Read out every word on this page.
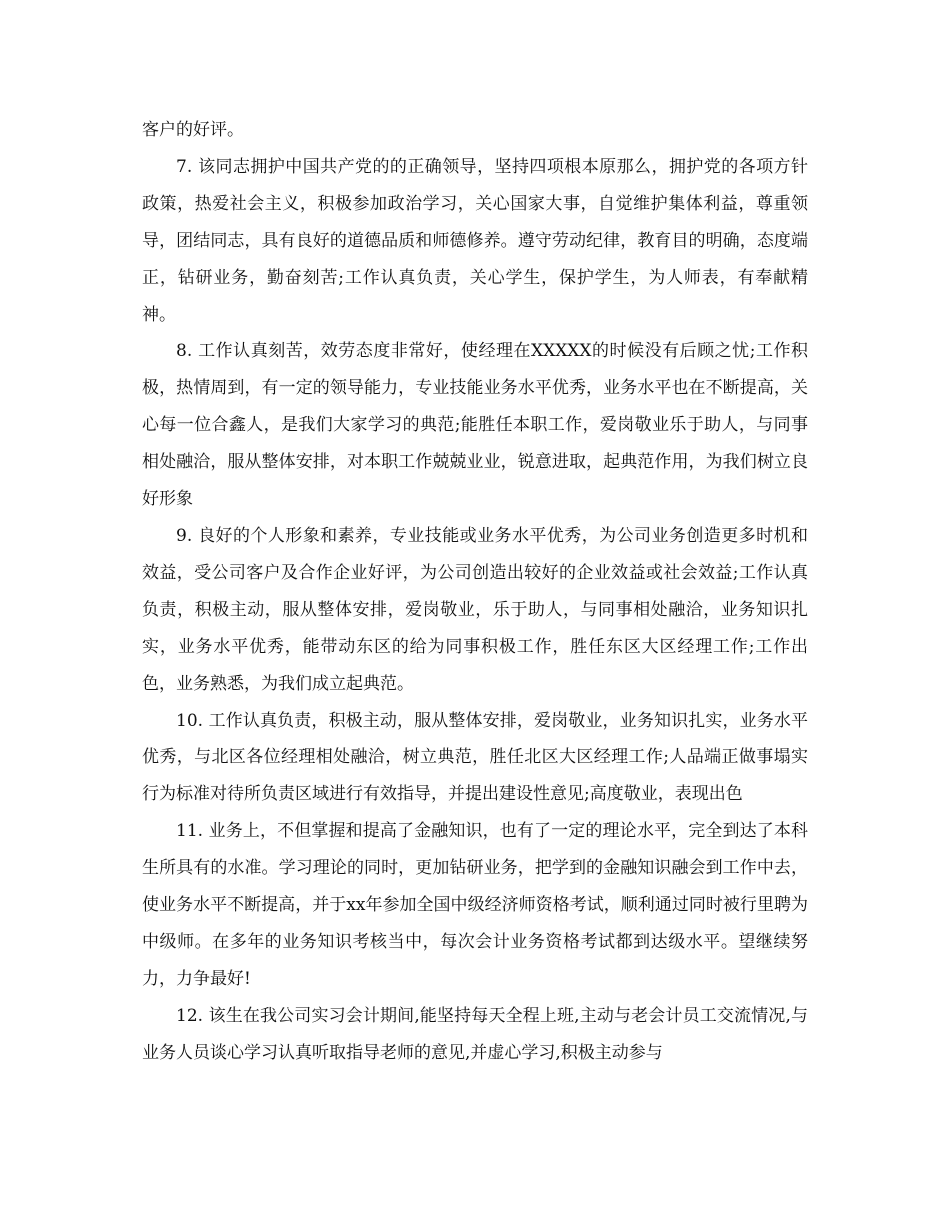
客户的好评。

7. 该同志拥护中国共产党的的正确领导，坚持四项根本原那么，拥护党的各项方针政策，热爱社会主义，积极参加政治学习，关心国家大事，自觉维护集体利益，尊重领导，团结同志，具有良好的道德品质和师德修养。遵守劳动纪律，教育目的明确，态度端正，钻研业务，勤奋刻苦;工作认真负责，关心学生，保护学生，为人师表，有奉献精神。

8. 工作认真刻苦，效劳态度非常好，使经理在XXXXX的时候没有后顾之忧;工作积极，热情周到，有一定的领导能力，专业技能业务水平优秀，业务水平也在不断提高，关心每一位合鑫人，是我们大家学习的典范;能胜任本职工作，爱岗敬业乐于助人，与同事相处融洽，服从整体安排，对本职工作兢兢业业，锐意进取，起典范作用，为我们树立良好形象

9. 良好的个人形象和素养，专业技能或业务水平优秀，为公司业务创造更多时机和效益，受公司客户及合作企业好评，为公司创造出较好的企业效益或社会效益;工作认真负责，积极主动，服从整体安排，爱岗敬业，乐于助人，与同事相处融洽，业务知识扎实，业务水平优秀，能带动东区的给为同事积极工作，胜任东区大区经理工作;工作出色，业务熟悉，为我们成立起典范。

10. 工作认真负责，积极主动，服从整体安排，爱岗敬业，业务知识扎实，业务水平优秀，与北区各位经理相处融洽，树立典范，胜任北区大区经理工作;人品端正做事塌实行为标准对待所负责区域进行有效指导，并提出建设性意见;高度敬业，表现出色

11. 业务上，不但掌握和提高了金融知识，也有了一定的理论水平，完全到达了本科生所具有的水准。学习理论的同时，更加钻研业务，把学到的金融知识融会到工作中去，使业务水平不断提高，并于xx年参加全国中级经济师资格考试，顺利通过同时被行里聘为中级师。在多年的业务知识考核当中，每次会计业务资格考试都到达级水平。望继续努力，力争最好!

12. 该生在我公司实习会计期间,能坚持每天全程上班,主动与老会计员工交流情况,与业务人员谈心学习认真听取指导老师的意见,并虚心学习,积极主动参与
